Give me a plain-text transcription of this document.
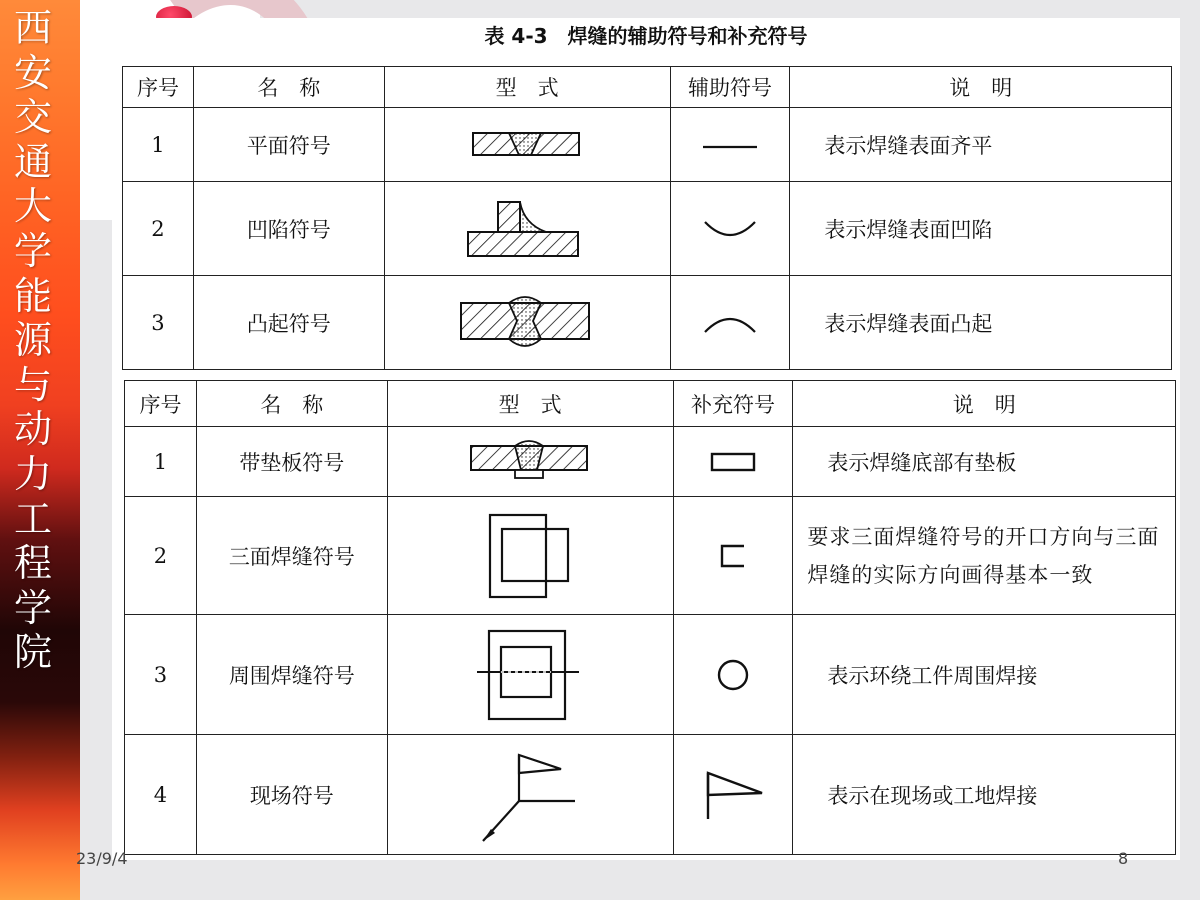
西安交通大学能源与动力工程学院
表 4-3　焊缝的辅助符号和补充符号
序号	名　称	型　式	辅助符号	说　明
1	平面符号			表示焊缝表面齐平
2	凹陷符号			表示焊缝表面凹陷
3	凸起符号			表示焊缝表面凸起
序号	名　称	型　式	补充符号	说　明
1	带垫板符号			表示焊缝底部有垫板
2	三面焊缝符号			要求三面焊缝符号的开口方向与三面焊缝的实际方向画得基本一致
3	周围焊缝符号			表示环绕工件周围焊接
4	现场符号			表示在现场或工地焊接
23/9/4	8
